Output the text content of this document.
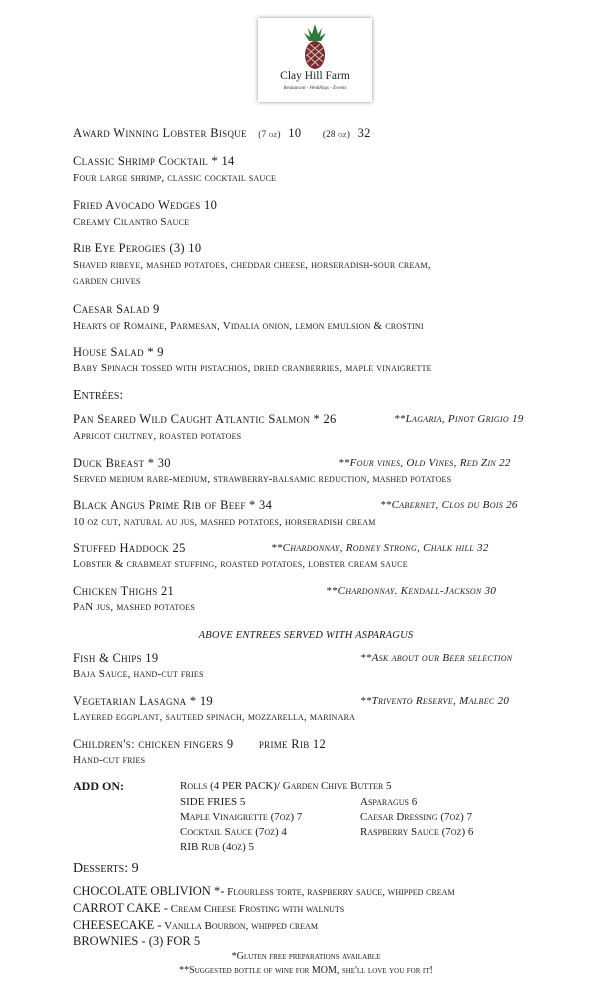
Clay Hill Farm
Restaurant - Weddings - Events
Award Winning Lobster Bisque (7 oz) 10 (28 oz) 32
Classic Shrimp Cocktail * 14
Four large shrimp, classic cocktail sauce
Fried Avocado Wedges 10
Creamy Cilantro Sauce
Rib Eye Perogies (3) 10
Shaved ribeye, mashed potatoes, cheddar cheese, horseradish-sour cream,
garden chives
Caesar Salad 9
Hearts of Romaine, Parmesan, Vidalia onion, lemon emulsion & crostini
House Salad * 9
Baby Spinach tossed with pistachios, dried cranberries, maple vinaigrette
Entrées:
Pan Seared Wild Caught Atlantic Salmon * 26	**Lagaria, Pinot Grigio 19
Apricot chutney, roasted potatoes
Duck Breast * 30	**Four vines, Old Vines, Red Zin 22
Served medium rare-medium, strawberry-balsamic reduction, mashed potatoes
Black Angus Prime Rib of Beef * 34	**Cabernet, Clos du Bois 26
10 oz cut, natural au jus, mashed potatoes, horseradish cream
Stuffed Haddock 25	**Chardonnay, Rodney Strong, Chalk hill 32
Lobster & crabmeat stuffing, roasted potatoes, lobster cream sauce
Chicken Thighs 21	**Chardonnay. Kendall-Jackson 30
PaN jus, mashed potatoes
ABOVE ENTREES SERVED WITH ASPARAGUS
Fish & Chips 19	**Ask about our Beer selection
Baja Sauce, hand-cut fries
Vegetarian Lasagna * 19	**Trivento Reserve, Malbec 20
Layered eggplant, sauteed spinach, mozzarella, marinara
Children's: chicken fingers 9 prime Rib 12
Hand-cut fries
ADD ON:	Rolls (4 PER PACK)/ Garden Chive Butter 5
SIDE FRIES 5	Asparagus 6
Maple Vinaigrette (7oz) 7	Caesar Dressing (7oz) 7
Cocktail Sauce (7oz) 4	Raspberry Sauce (7oz) 6
RIB Rub (4oz) 5
Desserts: 9
CHOCOLATE OBLIVION *- Flourless torte, raspberry sauce, whipped cream
CARROT CAKE - Cream Cheese Frosting with walnuts
CHEESECAKE - Vanilla Bourbon, whipped cream
BROWNIES - (3) FOR 5
*Gluten free preparations available
**Suggested bottle of wine for MOM, she'll love you for it!
